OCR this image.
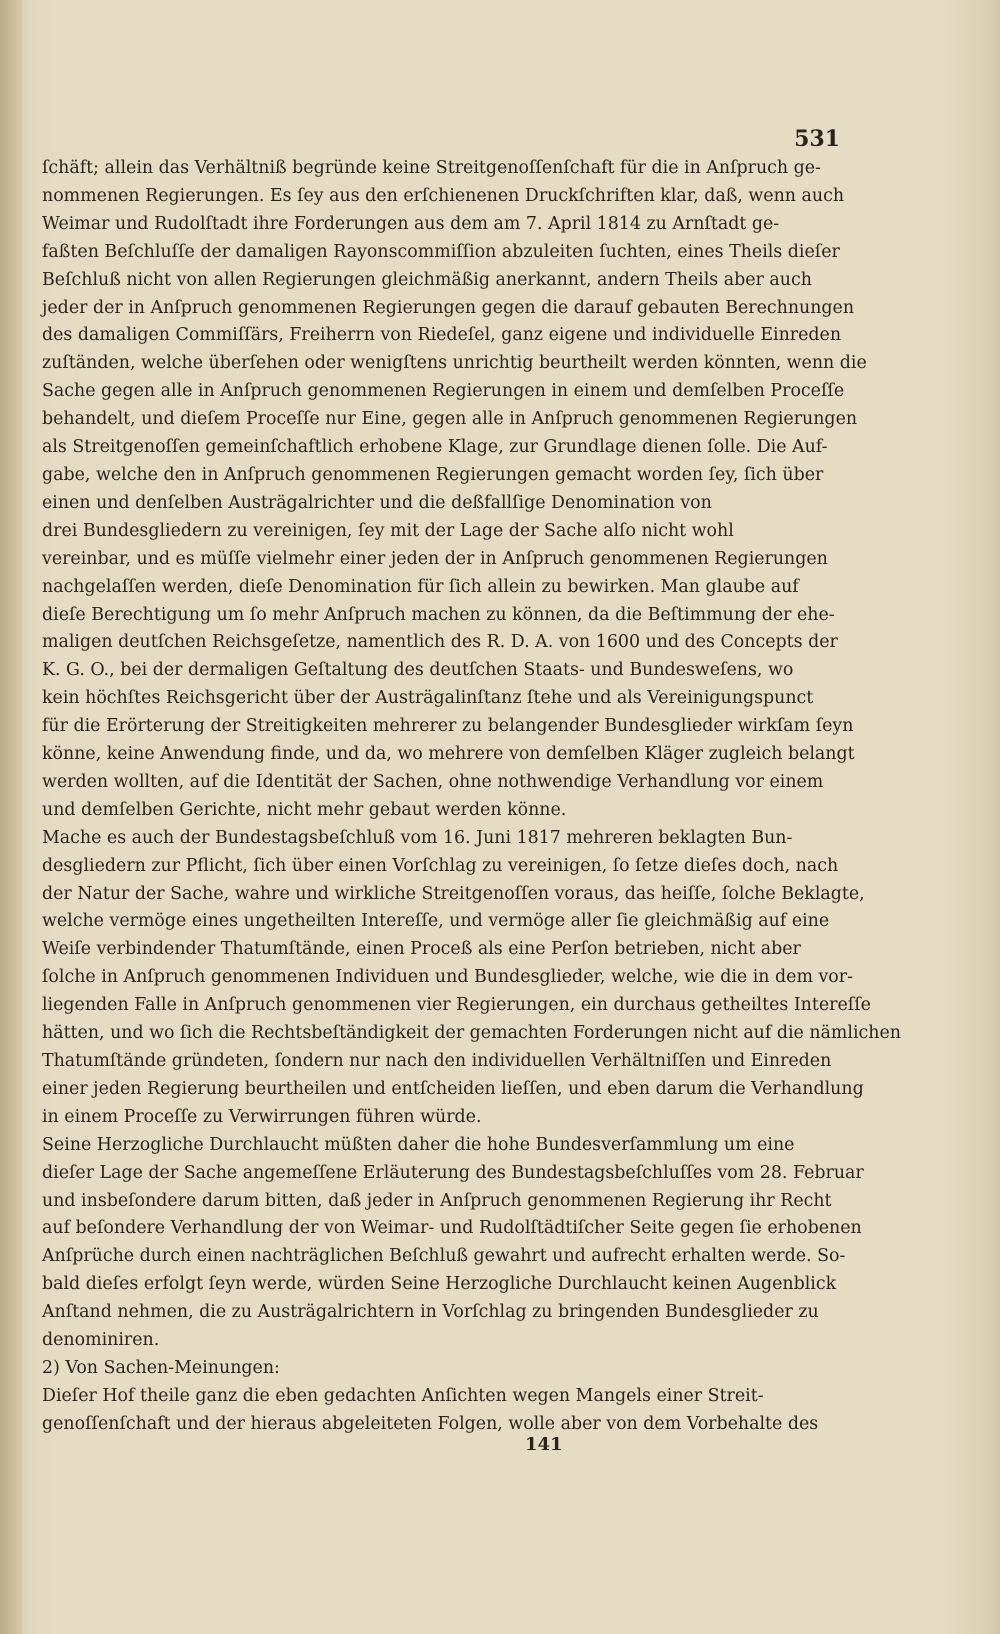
531
ſchäft; allein das Verhältniß begründe keine Streitgenoſſenſchaft für die in Anſpruch ge-
nommenen Regierungen. Es ſey aus den erſchienenen Druckſchriften klar, daß, wenn auch
Weimar und Rudolſtadt ihre Forderungen aus dem am 7. April 1814 zu Arnſtadt ge-
faßten Beſchluſſe der damaligen Rayonscommiſſion abzuleiten ſuchten, eines Theils dieſer
Beſchluß nicht von allen Regierungen gleichmäßig anerkannt, andern Theils aber auch
jeder der in Anſpruch genommenen Regierungen gegen die darauf gebauten Berechnungen
des damaligen Commiſſärs, Freiherrn von Riedeſel, ganz eigene und individuelle Einreden
zuſtänden, welche überſehen oder wenigſtens unrichtig beurtheilt werden könnten, wenn die
Sache gegen alle in Anſpruch genommenen Regierungen in einem und demſelben Proceſſe
behandelt, und dieſem Proceſſe nur Eine, gegen alle in Anſpruch genommenen Regierungen
als Streitgenoſſen gemeinſchaftlich erhobene Klage, zur Grundlage dienen ſolle. Die Auf-
gabe, welche den in Anſpruch genommenen Regierungen gemacht worden ſey, ſich über
einen und denſelben Austrägalrichter und die deßfallſige Denomination von
drei Bundesgliedern zu vereinigen, ſey mit der Lage der Sache alſo nicht wohl
vereinbar, und es müſſe vielmehr einer jeden der in Anſpruch genommenen Regierungen
nachgelaſſen werden, dieſe Denomination für ſich allein zu bewirken. Man glaube auf
dieſe Berechtigung um ſo mehr Anſpruch machen zu können, da die Beſtimmung der ehe-
maligen deutſchen Reichsgeſetze, namentlich des R. D. A. von 1600 und des Concepts der
K. G. O., bei der dermaligen Geſtaltung des deutſchen Staats- und Bundesweſens, wo
kein höchſtes Reichsgericht über der Austrägalinſtanz ſtehe und als Vereinigungspunct
für die Erörterung der Streitigkeiten mehrerer zu belangender Bundesglieder wirkſam ſeyn
könne, keine Anwendung finde, und da, wo mehrere von demſelben Kläger zugleich belangt
werden wollten, auf die Identität der Sachen, ohne nothwendige Verhandlung vor einem
und demſelben Gerichte, nicht mehr gebaut werden könne.
Mache es auch der Bundestagsbeſchluß vom 16. Juni 1817 mehreren beklagten Bun-
desgliedern zur Pflicht, ſich über einen Vorſchlag zu vereinigen, ſo ſetze dieſes doch, nach
der Natur der Sache, wahre und wirkliche Streitgenoſſen voraus, das heiſſe, ſolche Beklagte,
welche vermöge eines ungetheilten Intereſſe, und vermöge aller ſie gleichmäßig auf eine
Weiſe verbindender Thatumſtände, einen Proceß als eine Perſon betrieben, nicht aber
ſolche in Anſpruch genommenen Individuen und Bundesglieder, welche, wie die in dem vor-
liegenden Falle in Anſpruch genommenen vier Regierungen, ein durchaus getheiltes Intereſſe
hätten, und wo ſich die Rechtsbeſtändigkeit der gemachten Forderungen nicht auf die nämlichen
Thatumſtände gründeten, ſondern nur nach den individuellen Verhältniſſen und Einreden
einer jeden Regierung beurtheilen und entſcheiden lieſſen, und eben darum die Verhandlung
in einem Proceſſe zu Verwirrungen führen würde.
Seine Herzogliche Durchlaucht müßten daher die hohe Bundesverſammlung um eine
dieſer Lage der Sache angemeſſene Erläuterung des Bundestagsbeſchluſſes vom 28. Februar
und insbeſondere darum bitten, daß jeder in Anſpruch genommenen Regierung ihr Recht
auf beſondere Verhandlung der von Weimar- und Rudolſtädtiſcher Seite gegen ſie erhobenen
Anſprüche durch einen nachträglichen Beſchluß gewahrt und aufrecht erhalten werde. So-
bald dieſes erfolgt ſeyn werde, würden Seine Herzogliche Durchlaucht keinen Augenblick
Anſtand nehmen, die zu Austrägalrichtern in Vorſchlag zu bringenden Bundesglieder zu
denominiren.
2) Von Sachen-Meinungen:
Dieſer Hof theile ganz die eben gedachten Anſichten wegen Mangels einer Streit-
genoſſenſchaft und der hieraus abgeleiteten Folgen, wolle aber von dem Vorbehalte des
141
